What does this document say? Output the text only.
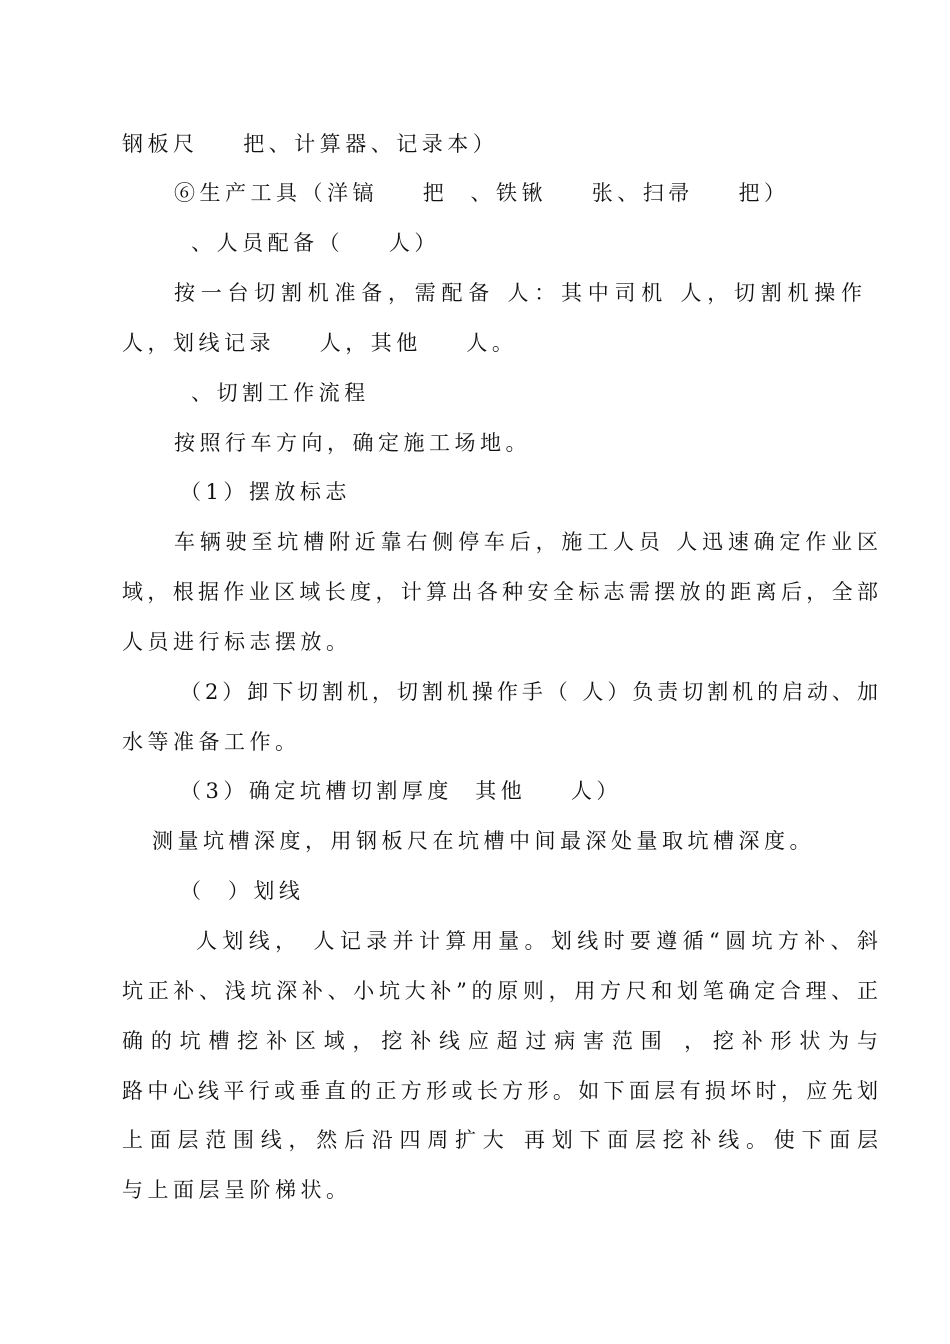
钢板尺    把、计算器、记录本）
⑥生产工具（洋镐    把  、铁锹    张、扫帚    把）
、人员配备（    人）
按一台切割机准备，需配备 人：其中司机 人，切割机操作
人，划线记录    人，其他    人。
、切割工作流程
按照行车方向，确定施工场地。
（1）摆放标志
车辆驶至坑槽附近靠右侧停车后，施工人员 人迅速确定作业区
域，根据作业区域长度，计算出各种安全标志需摆放的距离后，全部
人员进行标志摆放。
（2）卸下切割机，切割机操作手（ 人）负责切割机的启动、加
水等准备工作。
（3）确定坑槽切割厚度  其他    人）
测量坑槽深度，用钢板尺在坑槽中间最深处量取坑槽深度。
（  ）划线
人划线， 人记录并计算用量。划线时要遵循“圆坑方补、斜
坑正补、浅坑深补、小坑大补”的原则，用方尺和划笔确定合理、正
确的坑槽挖补区域，挖补线应超过病害范围 ，挖补形状为与
路中心线平行或垂直的正方形或长方形。如下面层有损坏时，应先划
上面层范围线，然后沿四周扩大 再划下面层挖补线。使下面层
与上面层呈阶梯状。
